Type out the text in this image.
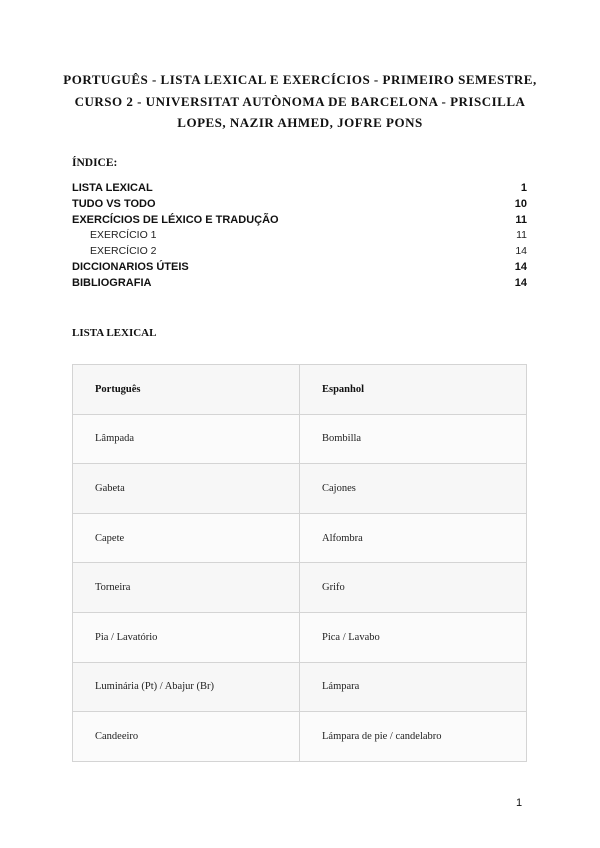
PORTUGUÊS - LISTA LEXICAL E EXERCÍCIOS - PRIMEIRO SEMESTRE,
CURSO 2 - UNIVERSITAT AUTÒNOMA DE BARCELONA - PRISCILLA
LOPES, NAZIR AHMED, JOFRE PONS
ÍNDICE:
LISTA LEXICAL	1
TUDO VS TODO	10
EXERCÍCIOS DE LÉXICO E TRADUÇÃO	11
EXERCÍCIO 1	11
EXERCÍCIO 2	14
DICCIONARIOS ÚTEIS	14
BIBLIOGRAFIA	14
LISTA LEXICAL
Português	Espanhol
Lâmpada	Bombilla
Gabeta	Cajones
Capete	Alfombra
Torneira	Grifo
Pia / Lavatório	Pica / Lavabo
Luminária (Pt) / Abajur (Br)	Lámpara
Candeeiro	Lámpara de pie / candelabro
1
